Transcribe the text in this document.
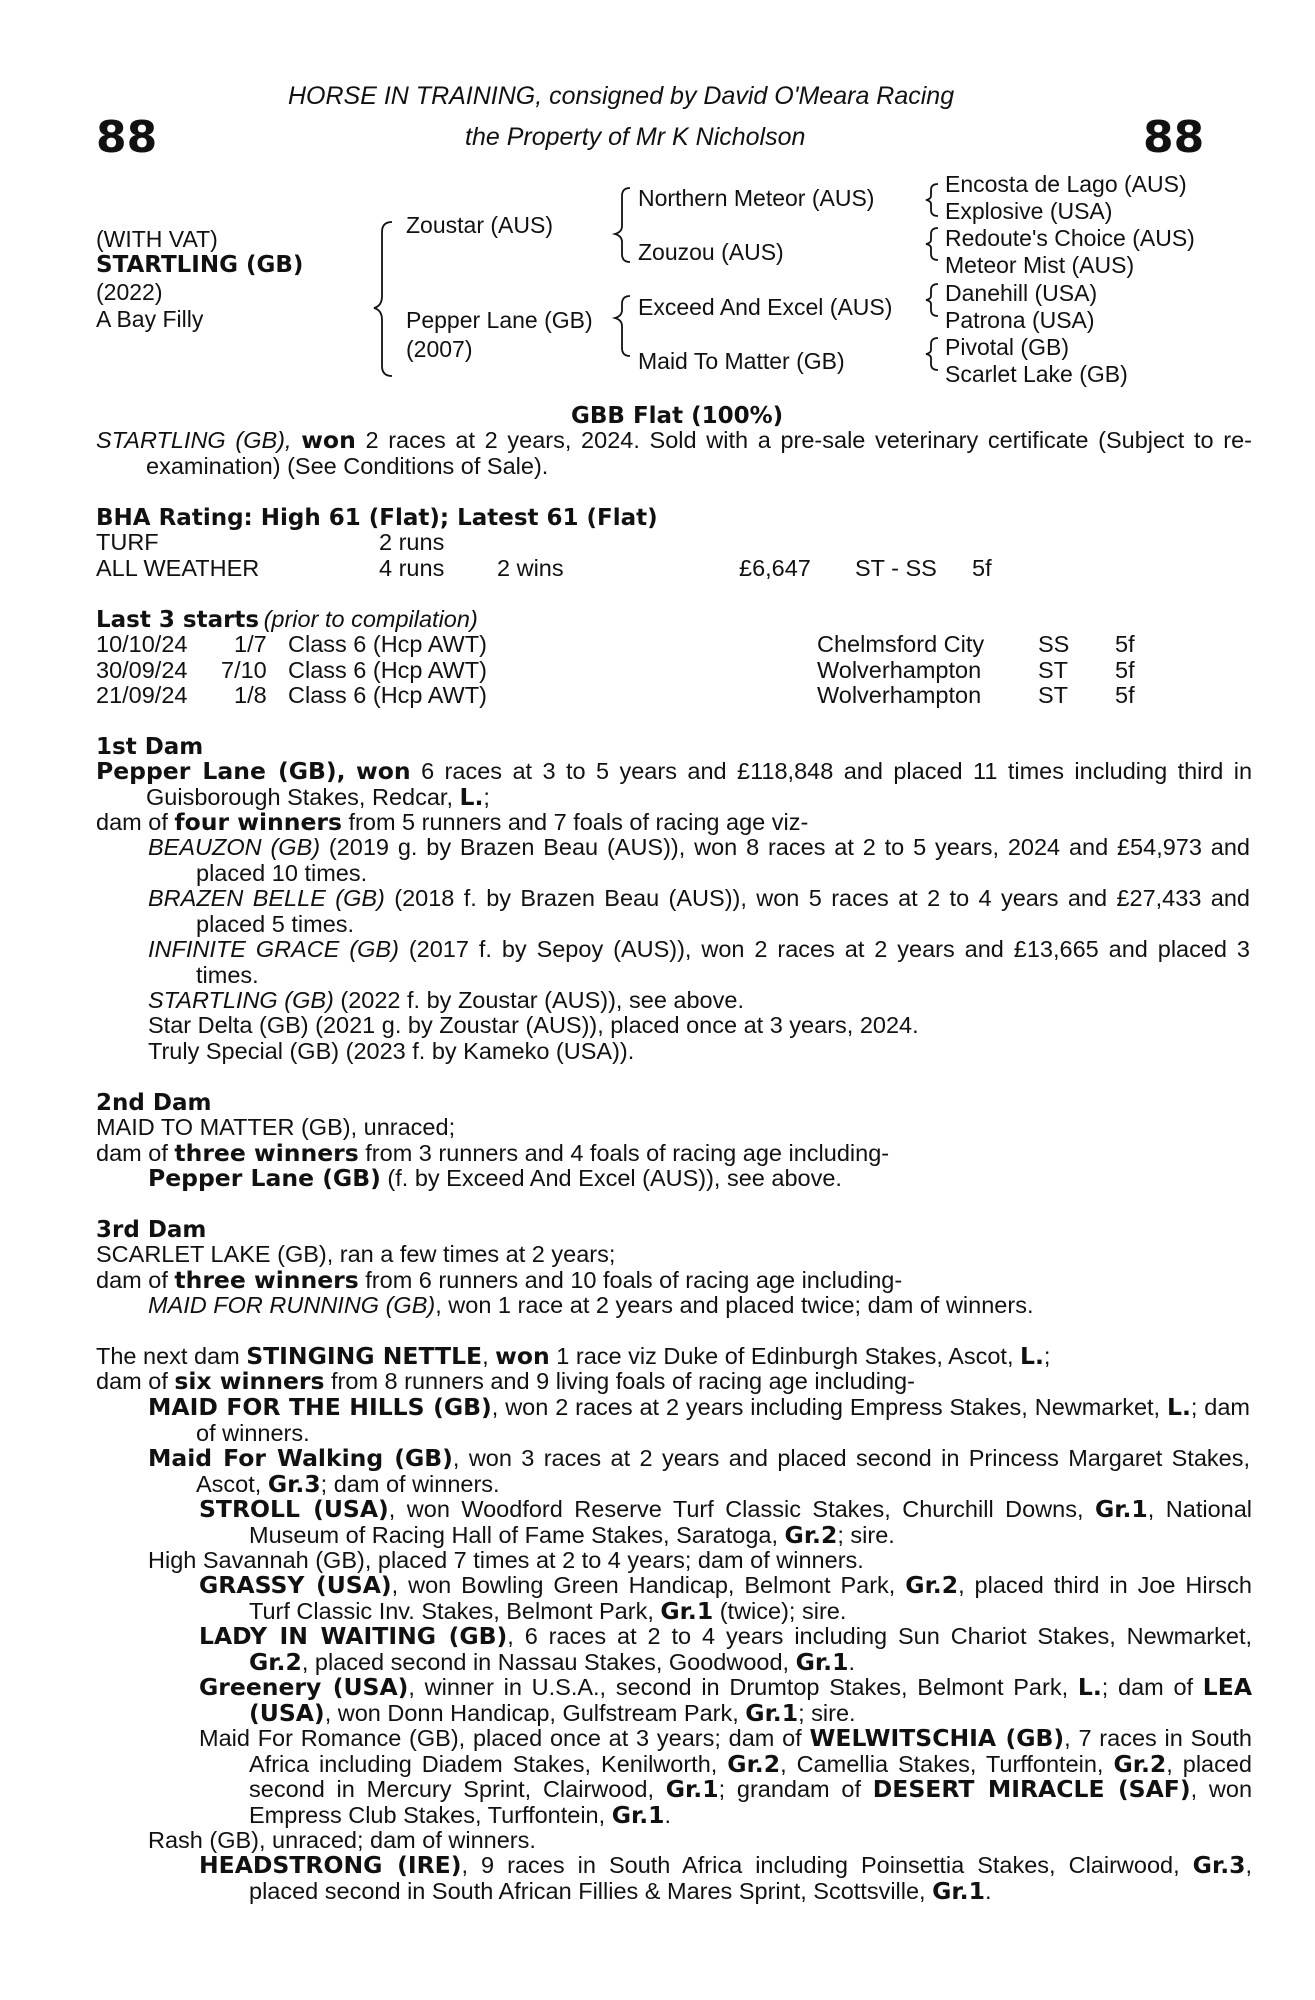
88	88
HORSE IN TRAINING, consigned by David O'Meara Racing
the Property of Mr K Nicholson
(WITH VAT)
STARTLING (GB)
(2022)
A Bay Filly
Zoustar (AUS)
Pepper Lane (GB)
(2007)
Northern Meteor (AUS)
Zouzou (AUS)
Exceed And Excel (AUS)
Maid To Matter (GB)
Encosta de Lago (AUS)
Explosive (USA)
Redoute's Choice (AUS)
Meteor Mist (AUS)
Danehill (USA)
Patrona (USA)
Pivotal (GB)
Scarlet Lake (GB)
GBB Flat (100%)
STARTLING (GB), won 2 races at 2 years, 2024. Sold with a pre-sale veterinary certificate (Subject to re-examination) (See Conditions of Sale).
BHA Rating: High 61 (Flat); Latest 61 (Flat)
TURF	2 runs
ALL WEATHER	4 runs 2 wins	£6,647 ST - SS 5f
Last 3 starts (prior to compilation)
10/10/24 1/7 Class 6 (Hcp AWT)	Chelmsford City SS 5f
30/09/24 7/10 Class 6 (Hcp AWT)	Wolverhampton ST 5f
21/09/24 1/8 Class 6 (Hcp AWT)	Wolverhampton ST 5f
1st Dam
Pepper Lane (GB), won 6 races at 3 to 5 years and £118,848 and placed 11 times including third in Guisborough Stakes, Redcar, L.;
dam of four winners from 5 runners and 7 foals of racing age viz-
BEAUZON (GB) (2019 g. by Brazen Beau (AUS)), won 8 races at 2 to 5 years, 2024 and £54,973 and placed 10 times.
BRAZEN BELLE (GB) (2018 f. by Brazen Beau (AUS)), won 5 races at 2 to 4 years and £27,433 and placed 5 times.
INFINITE GRACE (GB) (2017 f. by Sepoy (AUS)), won 2 races at 2 years and £13,665 and placed 3 times.
STARTLING (GB) (2022 f. by Zoustar (AUS)), see above.
Star Delta (GB) (2021 g. by Zoustar (AUS)), placed once at 3 years, 2024.
Truly Special (GB) (2023 f. by Kameko (USA)).
2nd Dam
MAID TO MATTER (GB), unraced;
dam of three winners from 3 runners and 4 foals of racing age including-
Pepper Lane (GB) (f. by Exceed And Excel (AUS)), see above.
3rd Dam
SCARLET LAKE (GB), ran a few times at 2 years;
dam of three winners from 6 runners and 10 foals of racing age including-
MAID FOR RUNNING (GB), won 1 race at 2 years and placed twice; dam of winners.
The next dam STINGING NETTLE, won 1 race viz Duke of Edinburgh Stakes, Ascot, L.;
dam of six winners from 8 runners and 9 living foals of racing age including-
MAID FOR THE HILLS (GB), won 2 races at 2 years including Empress Stakes, Newmarket, L.; dam of winners.
Maid For Walking (GB), won 3 races at 2 years and placed second in Princess Margaret Stakes, Ascot, Gr.3; dam of winners.
STROLL (USA), won Woodford Reserve Turf Classic Stakes, Churchill Downs, Gr.1, National Museum of Racing Hall of Fame Stakes, Saratoga, Gr.2; sire.
High Savannah (GB), placed 7 times at 2 to 4 years; dam of winners.
GRASSY (USA), won Bowling Green Handicap, Belmont Park, Gr.2, placed third in Joe Hirsch Turf Classic Inv. Stakes, Belmont Park, Gr.1 (twice); sire.
LADY IN WAITING (GB), 6 races at 2 to 4 years including Sun Chariot Stakes, Newmarket, Gr.2, placed second in Nassau Stakes, Goodwood, Gr.1.
Greenery (USA), winner in U.S.A., second in Drumtop Stakes, Belmont Park, L.; dam of LEA (USA), won Donn Handicap, Gulfstream Park, Gr.1; sire.
Maid For Romance (GB), placed once at 3 years; dam of WELWITSCHIA (GB), 7 races in South Africa including Diadem Stakes, Kenilworth, Gr.2, Camellia Stakes, Turffontein, Gr.2, placed second in Mercury Sprint, Clairwood, Gr.1; grandam of DESERT MIRACLE (SAF), won Empress Club Stakes, Turffontein, Gr.1.
Rash (GB), unraced; dam of winners.
HEADSTRONG (IRE), 9 races in South Africa including Poinsettia Stakes, Clairwood, Gr.3, placed second in South African Fillies & Mares Sprint, Scottsville, Gr.1.
